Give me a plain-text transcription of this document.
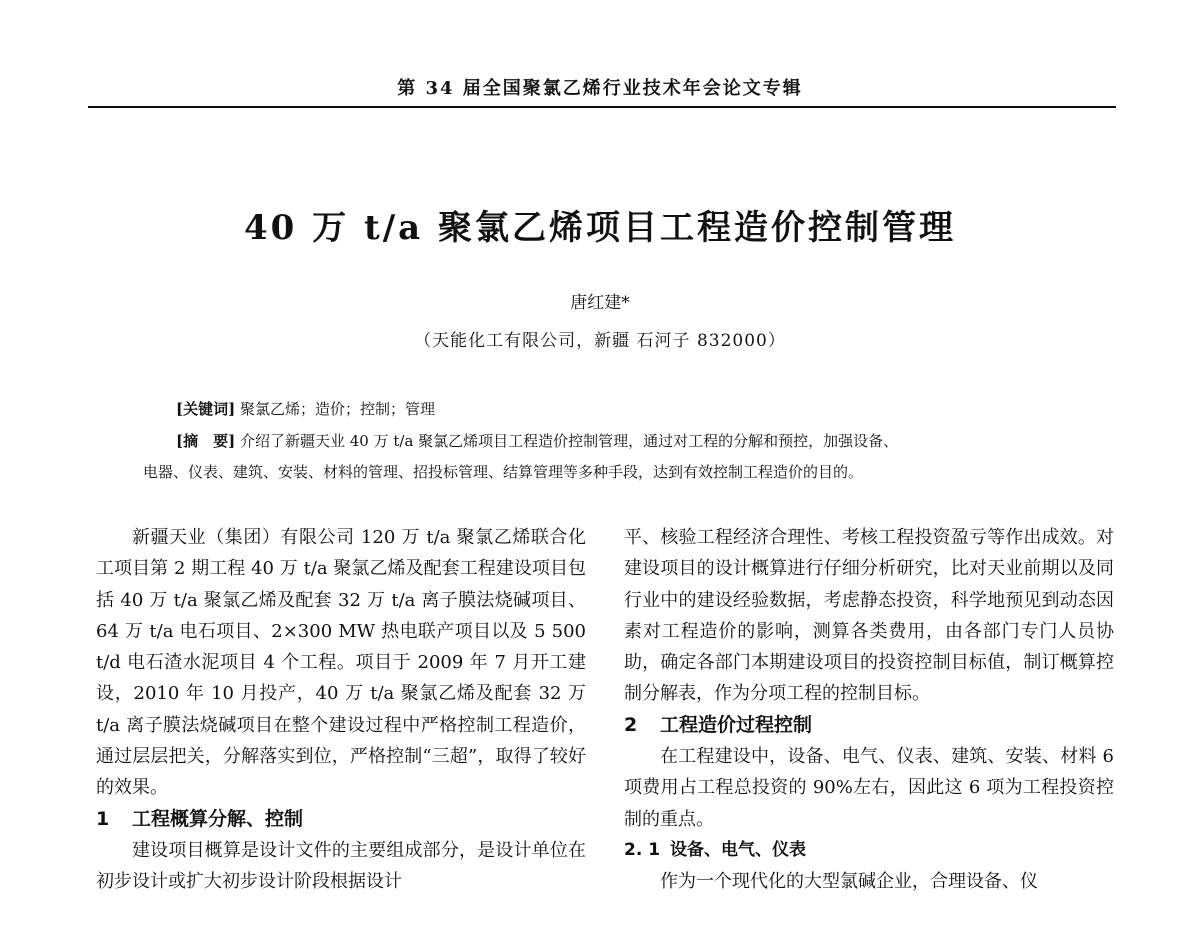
第 34 届全国聚氯乙烯行业技术年会论文专辑
40 万 t/a 聚氯乙烯项目工程造价控制管理
唐红建*
（天能化工有限公司，新疆 石河子 832000）
[关键词] 聚氯乙烯；造价；控制；管理
[摘　要] 介绍了新疆天业 40 万 t/a 聚氯乙烯项目工程造价控制管理，通过对工程的分解和预控，加强设备、
电器、仪表、建筑、安装、材料的管理、招投标管理、结算管理等多种手段，达到有效控制工程造价的目的。

新疆天业（集团）有限公司 120 万 t/a 聚氯乙烯联合化工项目第 2 期工程 40 万 t/a 聚氯乙烯及配套工程建设项目包括 40 万 t/a 聚氯乙烯及配套 32 万 t/a 离子膜法烧碱项目、64 万 t/a 电石项目、2×300 MW 热电联产项目以及 5 500 t/d 电石渣水泥项目 4 个工程。项目于 2009 年 7 月开工建设，2010 年 10 月投产，40 万 t/a 聚氯乙烯及配套 32 万 t/a 离子膜法烧碱项目在整个建设过程中严格控制工程造价，通过层层把关，分解落实到位，严格控制“三超”，取得了较好的效果。

1 工程概算分解、控制

建设项目概算是设计文件的主要组成部分，是设计单位在初步设计或扩大初步设计阶段根据设计

平、核验工程经济合理性、考核工程投资盈亏等作出成效。对建设项目的设计概算进行仔细分析研究，比对天业前期以及同行业中的建设经验数据，考虑静态投资，科学地预见到动态因素对工程造价的影响，测算各类费用，由各部门专门人员协助，确定各部门本期建设项目的投资控制目标值，制订概算控制分解表，作为分项工程的控制目标。

2 工程造价过程控制

在工程建设中，设备、电气、仪表、建筑、安装、材料 6 项费用占工程总投资的 90%左右，因此这 6 项为工程投资控制的重点。

2. 1 设备、电气、仪表

作为一个现代化的大型氯碱企业，合理设备、仪
